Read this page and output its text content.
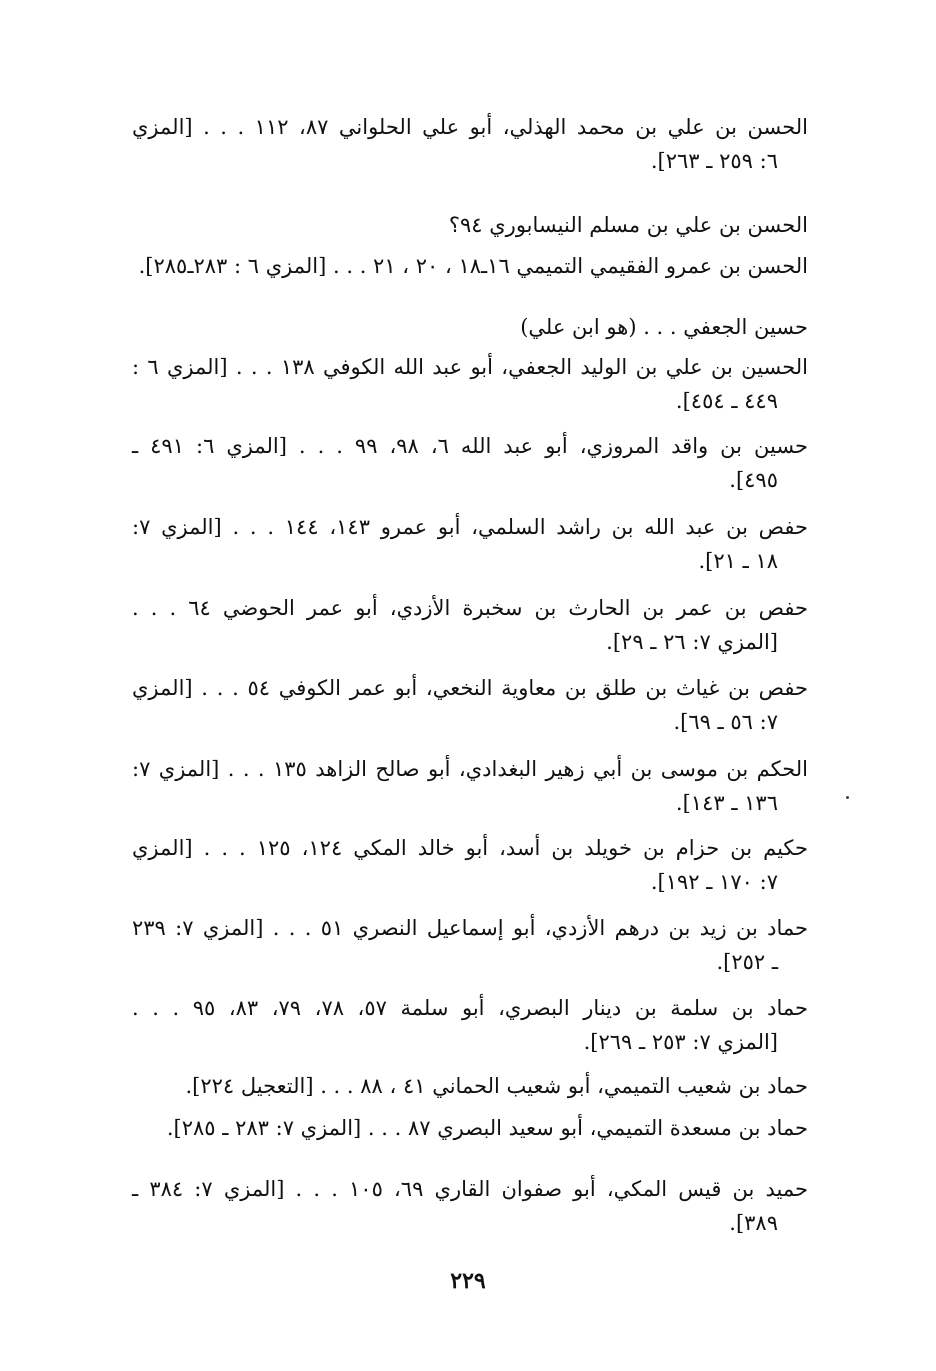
الحسن بن علي بن محمد الهذلي، أبو علي الحلواني ٨٧، ١١٢ . . . [المزي
٦: ٢٥٩ ـ ٢٦٣].

الحسن بن علي بن مسلم النيسابوري ٩٤؟

الحسن بن عمرو الفقيمي التميمي ١٦ـ١٨ ، ٢٠ ، ٢١ . . . [المزي ٦ : ٢٨٣ـ٢٨٥].

حسين الجعفي . . . (هو ابن علي)

الحسين بن علي بن الوليد الجعفي، أبو عبد الله الكوفي ١٣٨ . . . [المزي ٦ :
٤٤٩ ـ ٤٥٤].

حسين بن واقد المروزي، أبو عبد الله ٦، ٩٨، ٩٩ . . . [المزي ٦: ٤٩١ ـ
٤٩٥].

حفص بن عبد الله بن راشد السلمي، أبو عمرو ١٤٣، ١٤٤ . . . [المزي ٧:
١٨ ـ ٢١].

حفص بن عمر بن الحارث بن سخبرة الأزدي، أبو عمر الحوضي ٦٤ . . .
[المزي ٧: ٢٦ ـ ٢٩].

حفص بن غياث بن طلق بن معاوية النخعي، أبو عمر الكوفي ٥٤ . . . [المزي
٧: ٥٦ ـ ٦٩].

الحكم بن موسى بن أبي زهير البغدادي، أبو صالح الزاهد ١٣٥ . . . [المزي ٧:
١٣٦ ـ ١٤٣].

حكيم بن حزام بن خويلد بن أسد، أبو خالد المكي ١٢٤، ١٢٥ . . . [المزي
٧: ١٧٠ ـ ١٩٢].

حماد بن زيد بن درهم الأزدي، أبو إسماعيل النصري ٥١ . . . [المزي ٧: ٢٣٩
ـ ٢٥٢].

حماد بن سلمة بن دينار البصري، أبو سلمة ٥٧، ٧٨، ٧٩، ٨٣، ٩٥ . . .
[المزي ٧: ٢٥٣ ـ ٢٦٩].

حماد بن شعيب التميمي، أبو شعيب الحماني ٤١ ، ٨٨ . . . [التعجيل ٢٢٤].

حماد بن مسعدة التميمي، أبو سعيد البصري ٨٧ . . . [المزي ٧: ٢٨٣ ـ ٢٨٥].

حميد بن قيس المكي، أبو صفوان القاري ٦٩، ١٠٥ . . . [المزي ٧: ٣٨٤ ـ
٣٨٩].

٢٢٩
